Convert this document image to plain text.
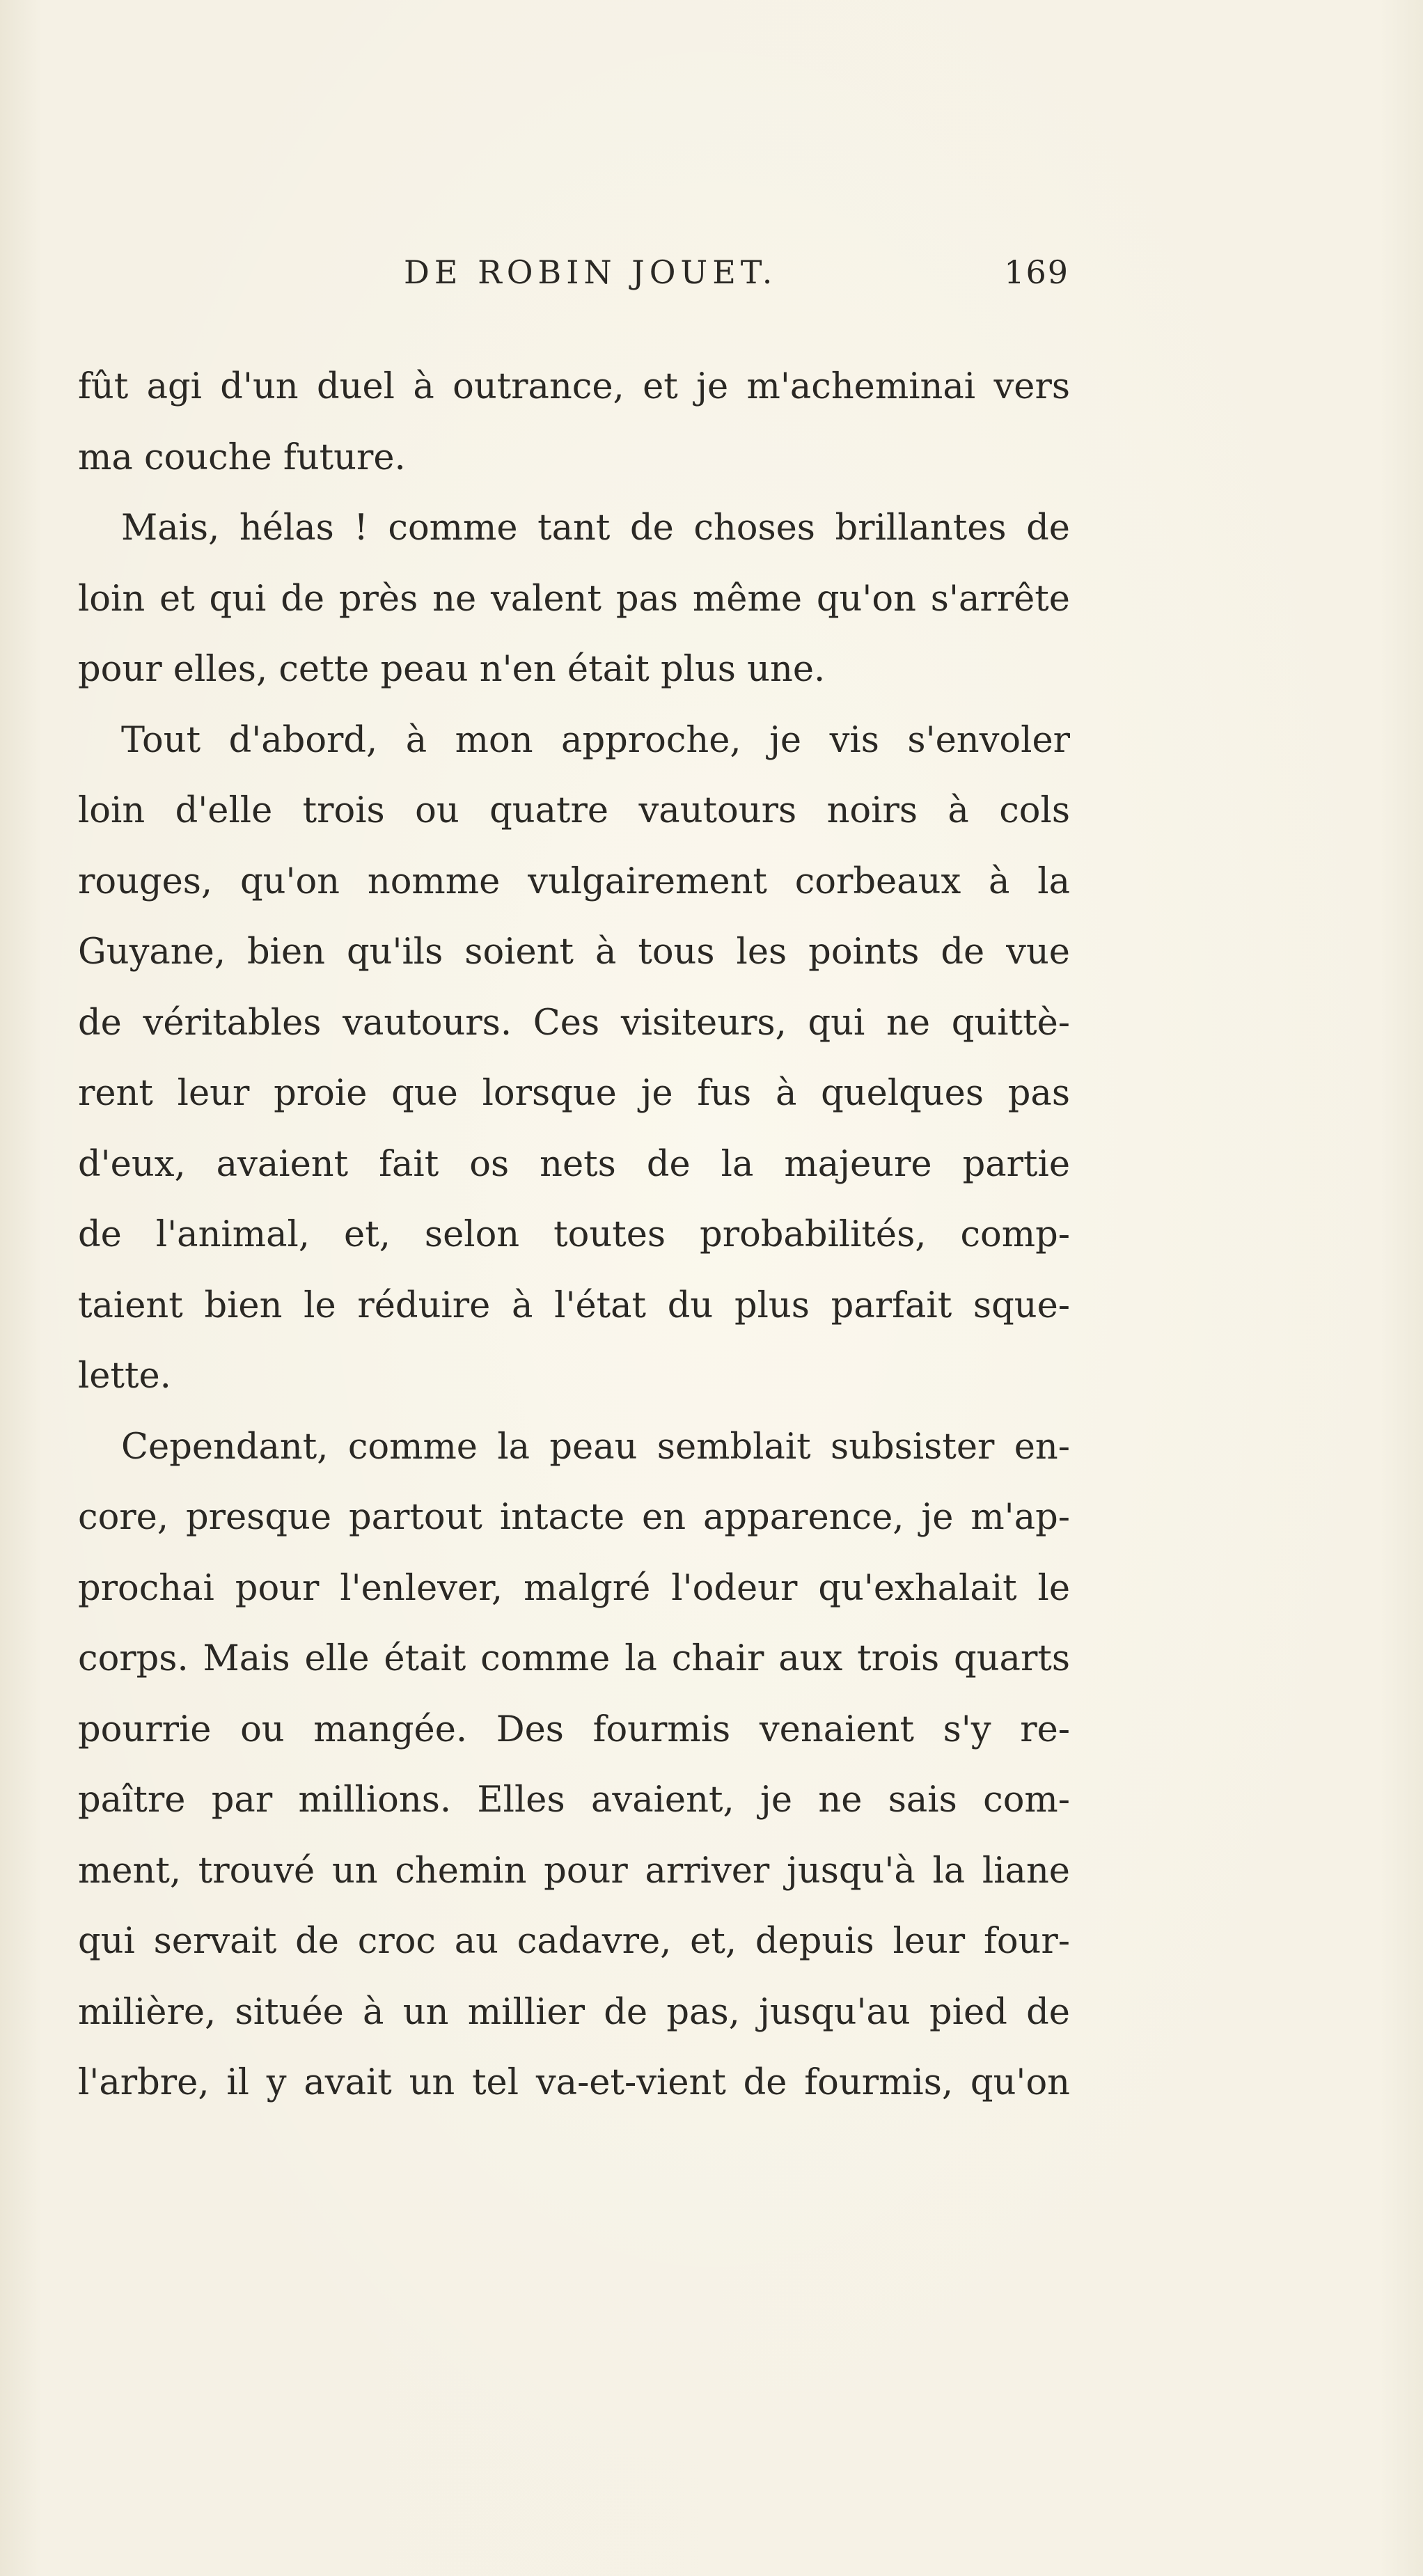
DE ROBIN JOUET.	169
fût agi d'un duel à outrance, et je m'acheminai vers
ma couche future.
Mais, hélas ! comme tant de choses brillantes de
loin et qui de près ne valent pas même qu'on s'arrête
pour elles, cette peau n'en était plus une.
Tout d'abord, à mon approche, je vis s'envoler
loin d'elle trois ou quatre vautours noirs à cols
rouges, qu'on nomme vulgairement corbeaux à la
Guyane, bien qu'ils soient à tous les points de vue
de véritables vautours. Ces visiteurs, qui ne quittè-
rent leur proie que lorsque je fus à quelques pas
d'eux, avaient fait os nets de la majeure partie
de l'animal, et, selon toutes probabilités, comp-
taient bien le réduire à l'état du plus parfait sque-
lette.
Cependant, comme la peau semblait subsister en-
core, presque partout intacte en apparence, je m'ap-
prochai pour l'enlever, malgré l'odeur qu'exhalait le
corps. Mais elle était comme la chair aux trois quarts
pourrie ou mangée. Des fourmis venaient s'y re-
paître par millions. Elles avaient, je ne sais com-
ment, trouvé un chemin pour arriver jusqu'à la liane
qui servait de croc au cadavre, et, depuis leur four-
milière, située à un millier de pas, jusqu'au pied de
l'arbre, il y avait un tel va-et-vient de fourmis, qu'on
